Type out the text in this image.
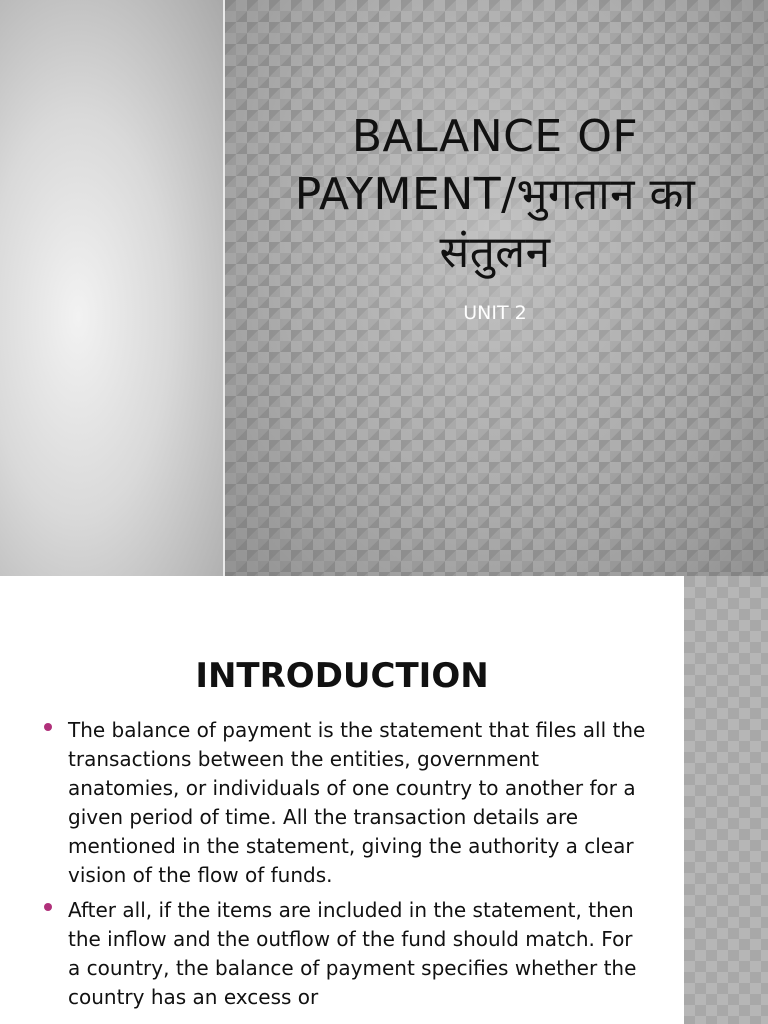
BALANCE OF
PAYMENT/भुगतान का
संतुलन
UNIT 2
INTRODUCTION
The balance of payment is the statement that files all the transactions between the entities, government anatomies, or individuals of one country to another for a given period of time. All the transaction details are mentioned in the statement, giving the authority a clear vision of the flow of funds.
After all, if the items are included in the statement, then the inflow and the outflow of the fund should match. For a country, the balance of payment specifies whether the country has an excess or
